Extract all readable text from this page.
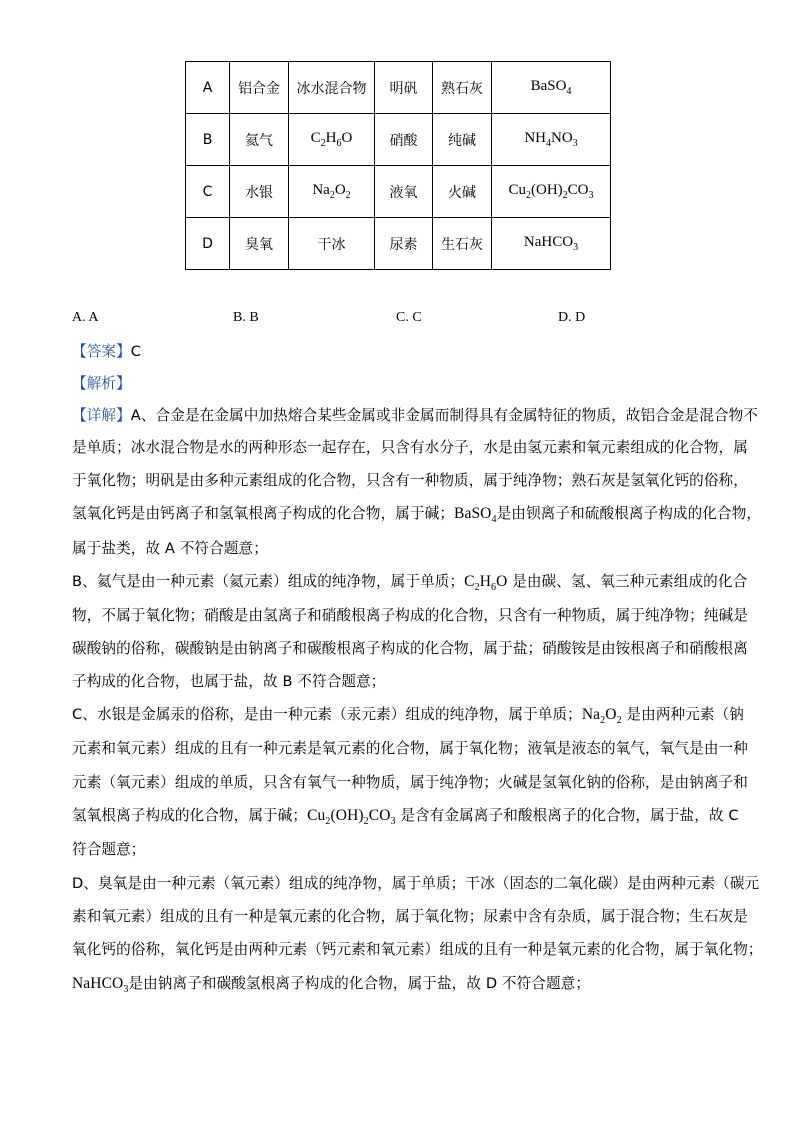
A	铝合金	冰水混合物	明矾	熟石灰	BaSO$_4$
B	氦气	$C_2H_6O$	硝酸	纯碱	$NH_4NO_3$
C	水银	$Na_2O_2$	液氧	火碱	$Cu_2(OH)_2CO_3$
D	臭氧	干冰	尿素	生石灰	NaHCO$_3$
A. A	B. B	C. C	D. D
【答案】C
【解析】
【详解】A、合金是在金属中加热熔合某些金属或非金属而制得具有金属特征的物质，故铝合金是混合物不
是单质；冰水混合物是水的两种形态一起存在，只含有水分子，水是由氢元素和氧元素组成的化合物，属
于氧化物；明矾是由多种元素组成的化合物，只含有一种物质，属于纯净物；熟石灰是氢氧化钙的俗称，
氢氧化钙是由钙离子和氢氧根离子构成的化合物，属于碱；BaSO$_4$是由钡离子和硫酸根离子构成的化合物，
属于盐类，故 A 不符合题意；
B、氦气是由一种元素（氦元素）组成的纯净物，属于单质；$C_2H_6O$ 是由碳、氢、氧三种元素组成的化合
物，不属于氧化物；硝酸是由氢离子和硝酸根离子构成的化合物，只含有一种物质，属于纯净物；纯碱是
碳酸钠的俗称，碳酸钠是由钠离子和碳酸根离子构成的化合物，属于盐；硝酸铵是由铵根离子和硝酸根离
子构成的化合物，也属于盐，故 B 不符合题意；
C、水银是金属汞的俗称，是由一种元素（汞元素）组成的纯净物，属于单质；$Na_2O_2$ 是由两种元素（钠
元素和氧元素）组成的且有一种元素是氧元素的化合物，属于氧化物；液氧是液态的氧气，氧气是由一种
元素（氧元素）组成的单质，只含有氧气一种物质，属于纯净物；火碱是氢氧化钠的俗称，是由钠离子和
氢氧根离子构成的化合物，属于碱；$Cu_2(OH)_2CO_3$ 是含有金属离子和酸根离子的化合物，属于盐，故 C
符合题意；
D、臭氧是由一种元素（氧元素）组成的纯净物，属于单质；干冰（固态的二氧化碳）是由两种元素（碳元
素和氧元素）组成的且有一种是氧元素的化合物，属于氧化物；尿素中含有杂质，属于混合物；生石灰是
氧化钙的俗称，氧化钙是由两种元素（钙元素和氧元素）组成的且有一种是氧元素的化合物，属于氧化物；
NaHCO$_3$是由钠离子和碳酸氢根离子构成的化合物，属于盐，故 D 不符合题意；
